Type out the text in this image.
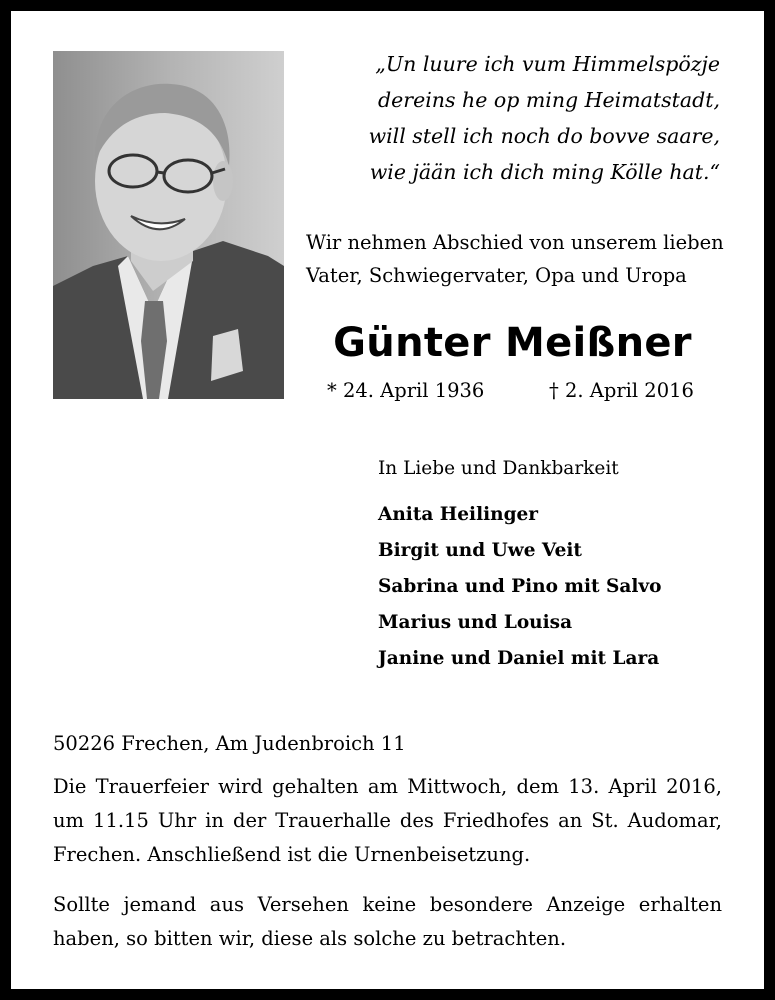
„Un luure ich vum Himmelspözje
dereins he op ming Heimatstadt,
will stell ich noch do bovve saare,
wie jään ich dich ming Kölle hat.“
Wir nehmen Abschied von unserem lieben
Vater, Schwiegervater, Opa und Uropa
Günter Meißner
* 24. April 1936	† 2. April 2016
In Liebe und Dankbarkeit
Anita Heilinger
Birgit und Uwe Veit
Sabrina und Pino mit Salvo
Marius und Louisa
Janine und Daniel mit Lara
50226 Frechen, Am Judenbroich 11
Die Trauerfeier wird gehalten am Mittwoch, dem 13. April 2016, um 11.15 Uhr in der Trauerhalle des Friedhofes an St. Audomar, Frechen. Anschließend ist die Urnenbeisetzung.
Sollte jemand aus Versehen keine besondere Anzeige erhalten haben, so bitten wir, diese als solche zu betrachten.
